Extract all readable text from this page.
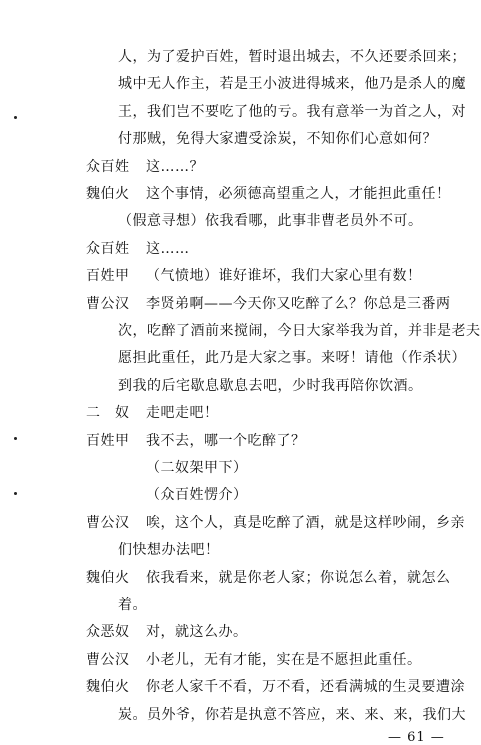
— 61 —
人，为了爱护百姓，暂时退出城去，不久还要杀回来；
城中无人作主，若是王小波进得城来，他乃是杀人的魔
王，我们岂不要吃了他的亏。我有意举一为首之人，对
付那贼，免得大家遭受涂炭，不知你们心意如何？
众百姓 这……？
魏伯火 这个事情，必须德高望重之人，才能担此重任！
（假意寻想）依我看哪，此事非曹老员外不可。
众百姓 这……
百姓甲 （气愤地）谁好谁坏，我们大家心里有数！
曹公汉 李贤弟啊——今天你又吃醉了么？你总是三番两
次，吃醉了酒前来搅闹，今日大家举我为首，并非是老夫
愿担此重任，此乃是大家之事。来呀！请他（作杀状）
到我的后宅歇息歇息去吧，少时我再陪你饮酒。
二　奴 走吧走吧！
百姓甲 我不去，哪一个吃醉了？
（二奴架甲下）
（众百姓愣介）
曹公汉 唉，这个人，真是吃醉了酒，就是这样吵闹，乡亲
们快想办法吧！
魏伯火 依我看来，就是你老人家；你说怎么着，就怎么
着。
众恶奴 对，就这么办。
曹公汉 小老儿，无有才能，实在是不愿担此重任。
魏伯火 你老人家千不看，万不看，还看满城的生灵要遭涂
炭。员外爷，你若是执意不答应，来、来、来，我们大
